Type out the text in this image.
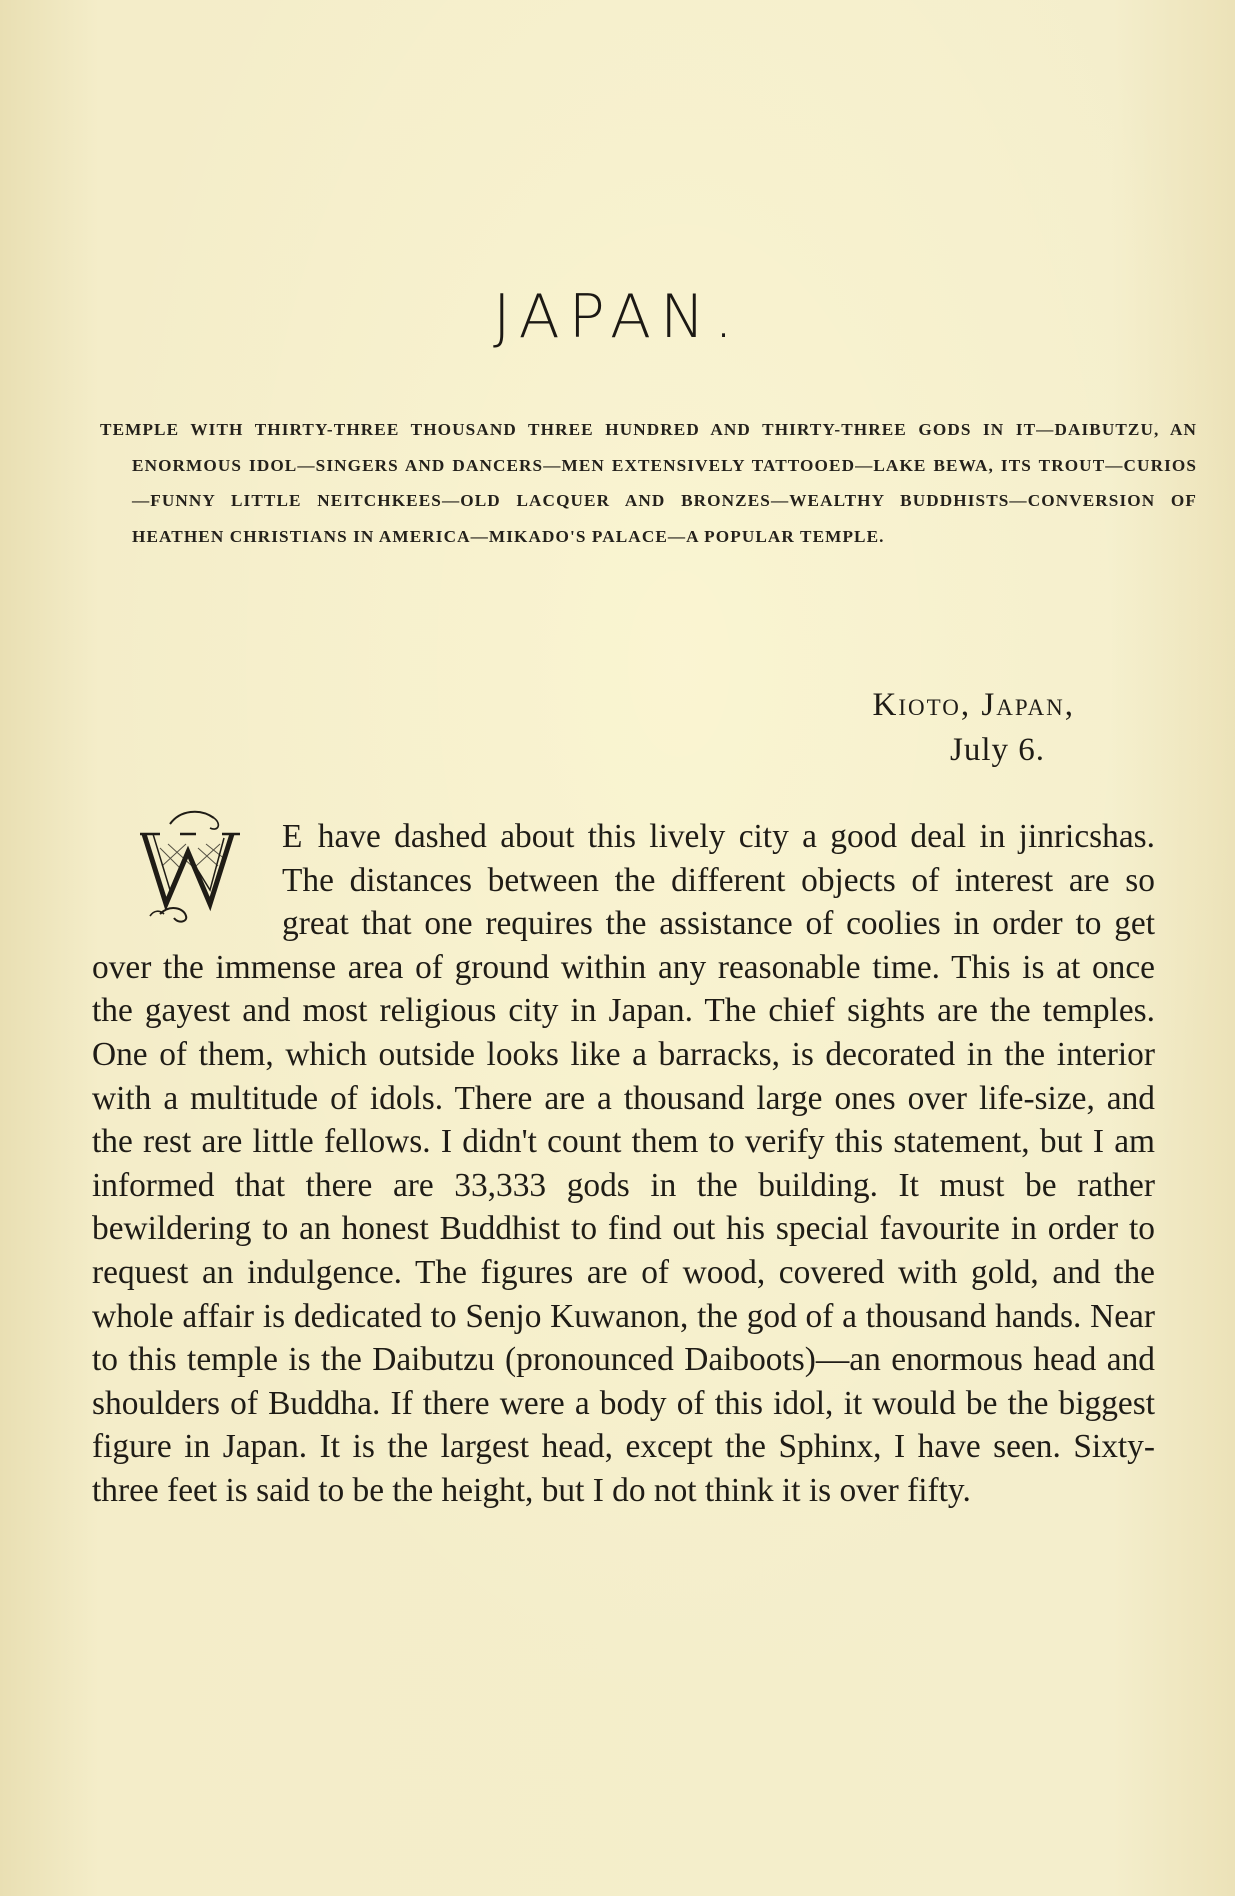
JAPAN.

TEMPLE WITH THIRTY-THREE THOUSAND THREE HUNDRED AND THIRTY-THREE GODS IN IT—DAIBUTZU, AN ENORMOUS IDOL—SINGERS AND DANCERS—MEN EXTENSIVELY TATTOOED—LAKE BEWA, ITS TROUT—CURIOS—FUNNY LITTLE NEITCHKEES—OLD LACQUER AND BRONZES—WEALTHY BUDDHISTS—CONVERSION OF HEATHEN CHRISTIANS IN AMERICA—MIKADO'S PALACE—A POPULAR TEMPLE.

Kioto, Japan,
July 6.
W

E have dashed about this lively city a good deal in jinricshas. The distances between the different objects of interest are so great that one requires the assistance of coolies in order to get over the immense area of ground within any reasonable time. This is at once the gayest and most religious city in Japan. The chief sights are the temples. One of them, which outside looks like a barracks, is decorated in the interior with a multitude of idols. There are a thousand large ones over life-size, and the rest are little fellows. I didn't count them to verify this statement, but I am informed that there are 33,333 gods in the building. It must be rather bewildering to an honest Buddhist to find out his special favourite in order to request an indulgence. The figures are of wood, covered with gold, and the whole affair is dedicated to Senjo Kuwanon, the god of a thousand hands. Near to this temple is the Daibutzu (pronounced Daiboots)—an enormous head and shoulders of Buddha. If there were a body of this idol, it would be the biggest figure in Japan. It is the largest head, except the Sphinx, I have seen. Sixty-three feet is said to be the height, but I do not think it is over fifty.
